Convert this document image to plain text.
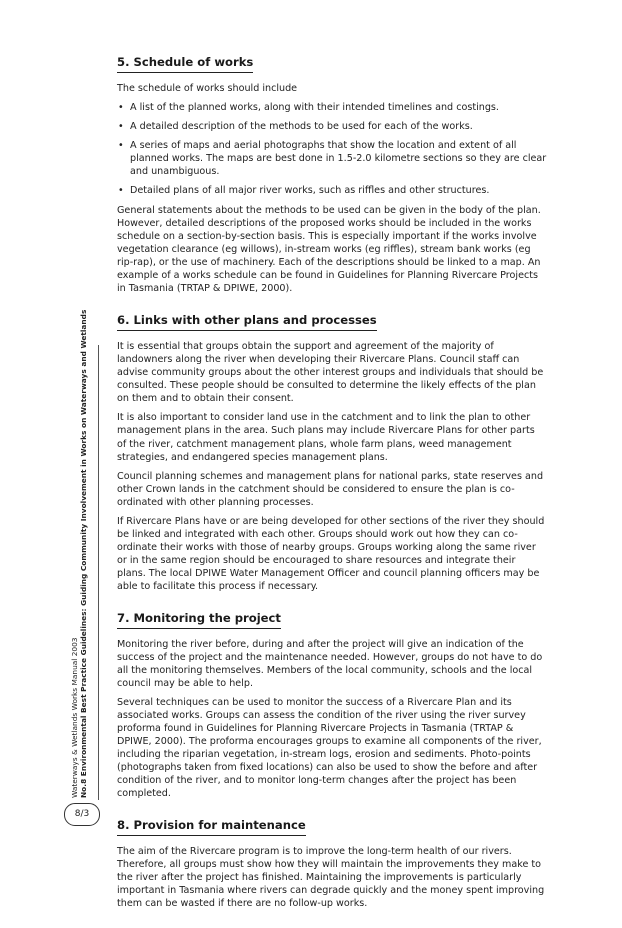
5. Schedule of works

The schedule of works should include

• A list of the planned works, along with their intended timelines and costings.
• A detailed description of the methods to be used for each of the works.
• A series of maps and aerial photographs that show the location and extent of all planned works. The maps are best done in 1.5-2.0 kilometre sections so they are clear and unambiguous.
• Detailed plans of all major river works, such as riffles and other structures.

General statements about the methods to be used can be given in the body of the plan. However, detailed descriptions of the proposed works should be included in the works schedule on a section-by-section basis. This is especially important if the works involve vegetation clearance (eg willows), in-stream works (eg riffles), stream bank works (eg rip-rap), or the use of machinery. Each of the descriptions should be linked to a map. An example of a works schedule can be found in Guidelines for Planning Rivercare Projects in Tasmania (TRTAP & DPIWE, 2000).

6. Links with other plans and processes

It is essential that groups obtain the support and agreement of the majority of landowners along the river when developing their Rivercare Plans. Council staff can advise community groups about the other interest groups and individuals that should be consulted. These people should be consulted to determine the likely effects of the plan on them and to obtain their consent.

It is also important to consider land use in the catchment and to link the plan to other management plans in the area. Such plans may include Rivercare Plans for other parts of the river, catchment management plans, whole farm plans, weed management strategies, and endangered species management plans.

Council planning schemes and management plans for national parks, state reserves and other Crown lands in the catchment should be considered to ensure the plan is co-ordinated with other planning processes.

If Rivercare Plans have or are being developed for other sections of the river they should be linked and integrated with each other. Groups should work out how they can co-ordinate their works with those of nearby groups. Groups working along the same river or in the same region should be encouraged to share resources and integrate their plans. The local DPIWE Water Management Officer and council planning officers may be able to facilitate this process if necessary.

7. Monitoring the project

Monitoring the river before, during and after the project will give an indication of the success of the project and the maintenance needed. However, groups do not have to do all the monitoring themselves. Members of the local community, schools and the local council may be able to help.

Several techniques can be used to monitor the success of a Rivercare Plan and its associated works. Groups can assess the condition of the river using the river survey proforma found in Guidelines for Planning Rivercare Projects in Tasmania (TRTAP & DPIWE, 2000). The proforma encourages groups to examine all components of the river, including the riparian vegetation, in-stream logs, erosion and sediments. Photo-points (photographs taken from fixed locations) can also be used to show the before and after condition of the river, and to monitor long-term changes after the project has been completed.

8. Provision for maintenance

The aim of the Rivercare program is to improve the long-term health of our rivers. Therefore, all groups must show how they will maintain the improvements they make to the river after the project has finished. Maintaining the improvements is particularly important in Tasmania where rivers can degrade quickly and the money spent improving them can be wasted if there are no follow-up works.

Waterways & Wetlands Works Manual 2003 No.8 Environmental Best Practice Guidelines: Guiding Community Involvement in Works on Waterways and Wetlands
8/3
